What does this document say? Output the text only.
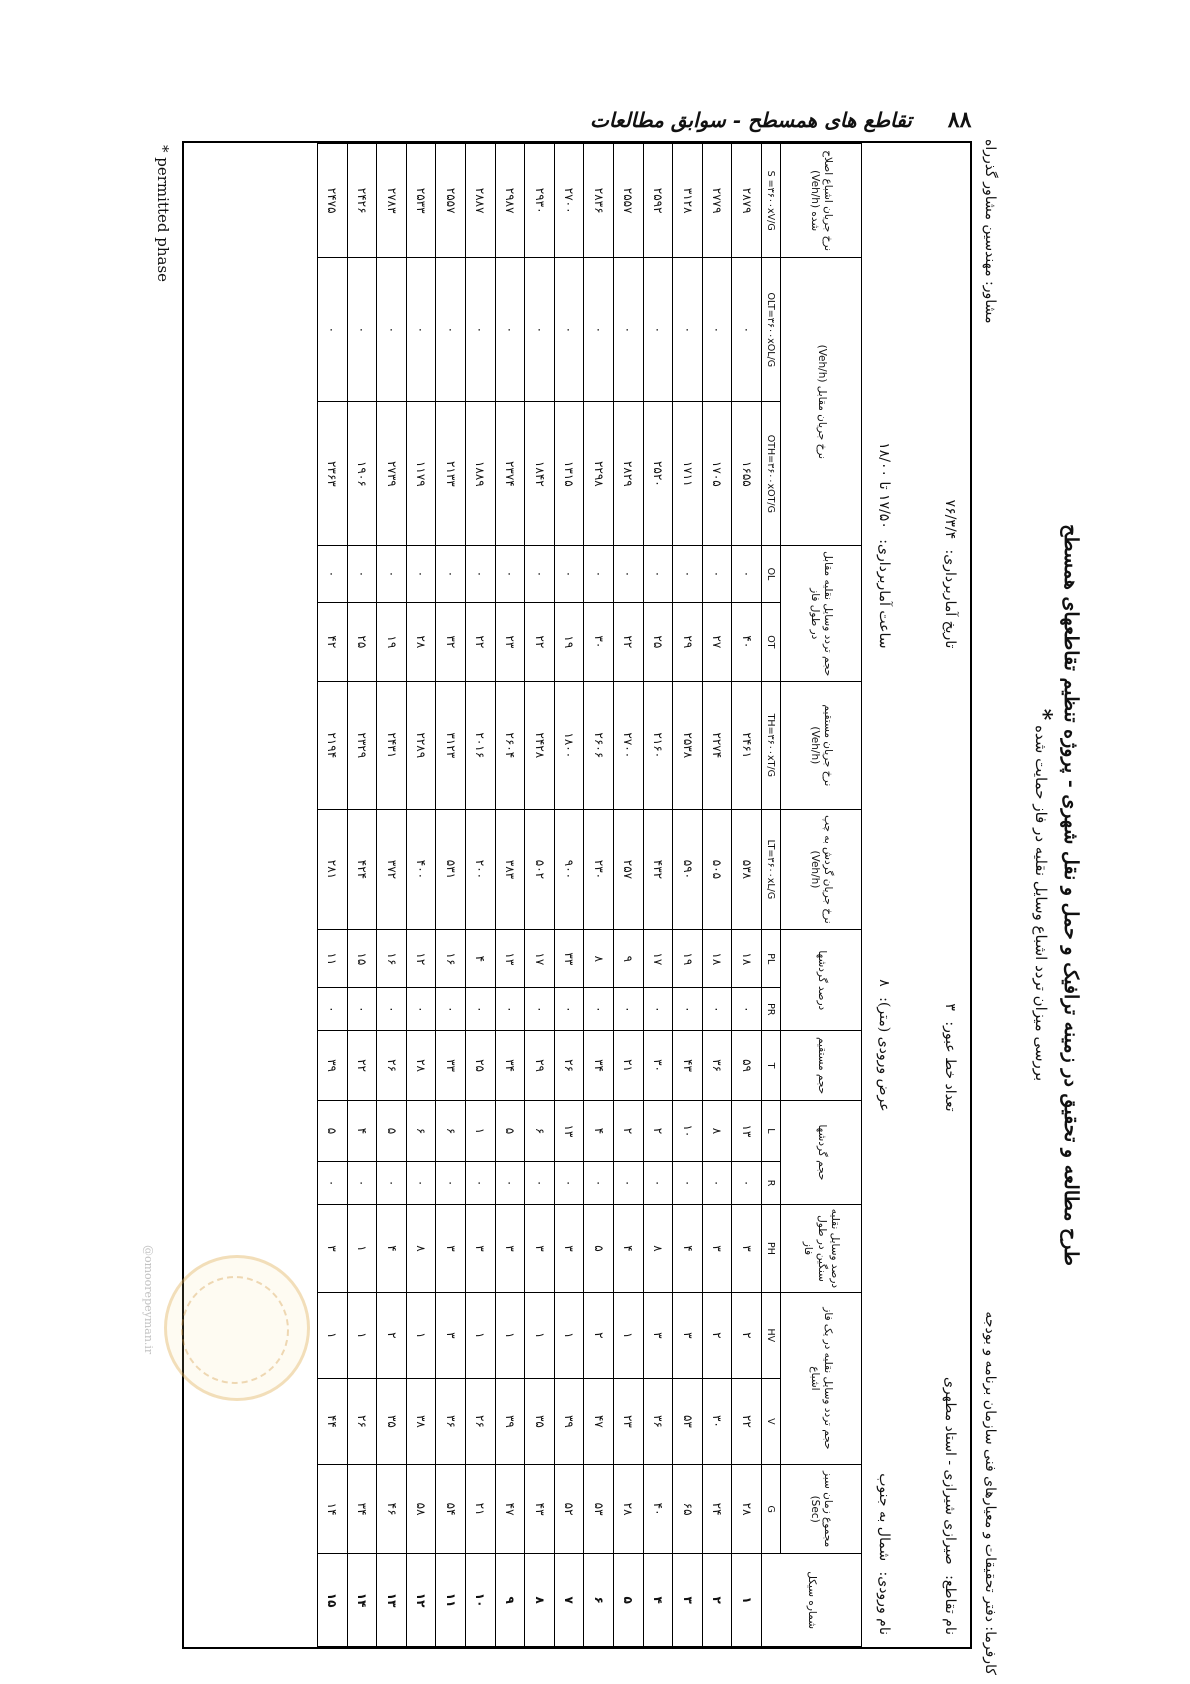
۸۸
تقاطع های همسطح - سوابق مطالعات
طرح مطالعه و تحقیق در زمینه ترافیک و حمل و نقل شهری - پروژه تنظیم تقاطعهای همسطح
بررسی میزان تردد اشباع وسایل نقلیه در فاز حمایت شده *
کارفرما: دفتر تحقیقات و معیارهای فنی سازمان برنامه و بودجه
مشاور: مهندسین مشاور گذرراه
نام تقاطع: صیرازی شیرازی - استاد مطهری
تعداد خط عبور: ۳
تاریخ آماربرداری: ۷۶/۳/۴
نام ورودی: شمال به جنوب
عرض ورودی (متر): ۸
ساعت آماربرداری: ۱۷/۵۰ تا ۱۸/۰۰
شماره سیکل	مجموع زمان سبز (Sec)	حجم تردد وسایل نقلیه در یک فاز اشباع		درصد وسایل نقلیه سنگین در طول فاز	حجم گردشها		حجم مستقیم	درصد گردشها		نرخ جریان گردش به چپ (Veh/h)	نرخ جریان مستقیم (Veh/h)	حجم تردد وسایل نقلیه مقابل در طول فاز		نرخ جریان مقابل (Veh/h)		نرخ جریان اشباع اصلاح شده (Veh/h)
	G	V	HV	PH	R	L	T	PR	PL	LT=۳۶۰۰xL/G	TH=۳۶۰۰xT/G	OT	OL	OTH=۳۶۰۰xOT/G	OLT=۳۶۰۰xOL/G	S =۳۶۰۰xV/G
۱	۲۸	۲۲	۲	۳	۰	۱۳	۵۹	۰	۱۸	۵۳۸	۲۴۶۱	۴۰	۰	۱۶۵۵	۰	۲۸۷۹
۲	۲۴	۳۰	۲	۳	۰	۸	۳۶	۰	۱۸	۵۰۵	۲۲۷۴	۲۷	۰	۱۷۰۵	۰	۲۷۷۹
۳	۶۵	۵۳	۳	۴	۰	۱۰	۴۳	۰	۱۹	۵۹۰	۲۵۳۸	۲۹	۰	۱۷۱۱	۰	۳۱۲۸
۴	۴۰	۳۶	۳	۸	۰	۲	۳۰	۰	۱۷	۴۳۲	۲۱۶۰	۲۵	۰	۲۵۲۰	۰	۲۵۹۲
۵	۲۸	۲۳	۱	۴	۰	۲	۲۱	۰	۹	۲۵۷	۲۷۰۰	۲۲	۰	۲۸۲۹	۰	۲۵۵۷
۶	۵۳	۴۷	۲	۵	۰	۴	۳۴	۰	۸	۲۳۰	۲۶۰۶	۳۰	۰	۲۲۹۸	۰	۲۸۳۶
۷	۵۲	۳۹	۱	۳	۰	۱۳	۲۶	۰	۳۳	۹۰۰	۱۸۰۰	۱۹	۰	۱۳۱۵	۰	۲۷۰۰
۸	۴۳	۳۵	۱	۳	۰	۶	۲۹	۰	۱۷	۵۰۲	۲۴۲۸	۲۲	۰	۱۸۴۲	۰	۲۹۳۰
۹	۴۷	۳۹	۱	۳	۰	۵	۳۴	۰	۱۳	۳۸۳	۲۶۰۴	۲۳	۰	۲۳۷۴	۰	۲۹۸۷
۱۰	۲۱	۲۶	۱	۳	۰	۱	۲۵	۰	۴	۲۰۰	۲۰۱۶	۲۲	۰	۱۸۸۹	۰	۲۸۸۷
۱۱	۵۴	۳۶	۳	۳	۰	۶	۳۳	۰	۱۶	۵۳۱	۳۱۲۳	۳۲	۰	۲۱۳۳	۰	۲۵۵۷
۱۲	۵۸	۳۸	۱	۸	۰	۶	۲۸	۰	۱۲	۴۰۰	۲۲۸۹	۲۸	۰	۱۱۷۹	۰	۲۵۳۳
۱۳	۴۶	۳۵	۲	۴	۰	۵	۲۶	۰	۱۶	۳۷۲	۲۴۳۱	۱۹	۰	۲۷۳۹	۰	۲۷۸۳
۱۴	۳۴	۲۶	۱	۱	۰	۴	۲۲	۰	۱۵	۴۲۴	۲۳۲۹	۲۵	۰	۱۹۰۶	۰	۲۴۲۶
۱۵	۱۴	۴۴	۱	۳	۰	۵	۳۹	۰	۱۱	۲۸۱	۲۱۹۴	۴۲	۰	۲۳۶۳	۰	۲۴۷۵
@omoorepeyman.ir
* permitted phase
